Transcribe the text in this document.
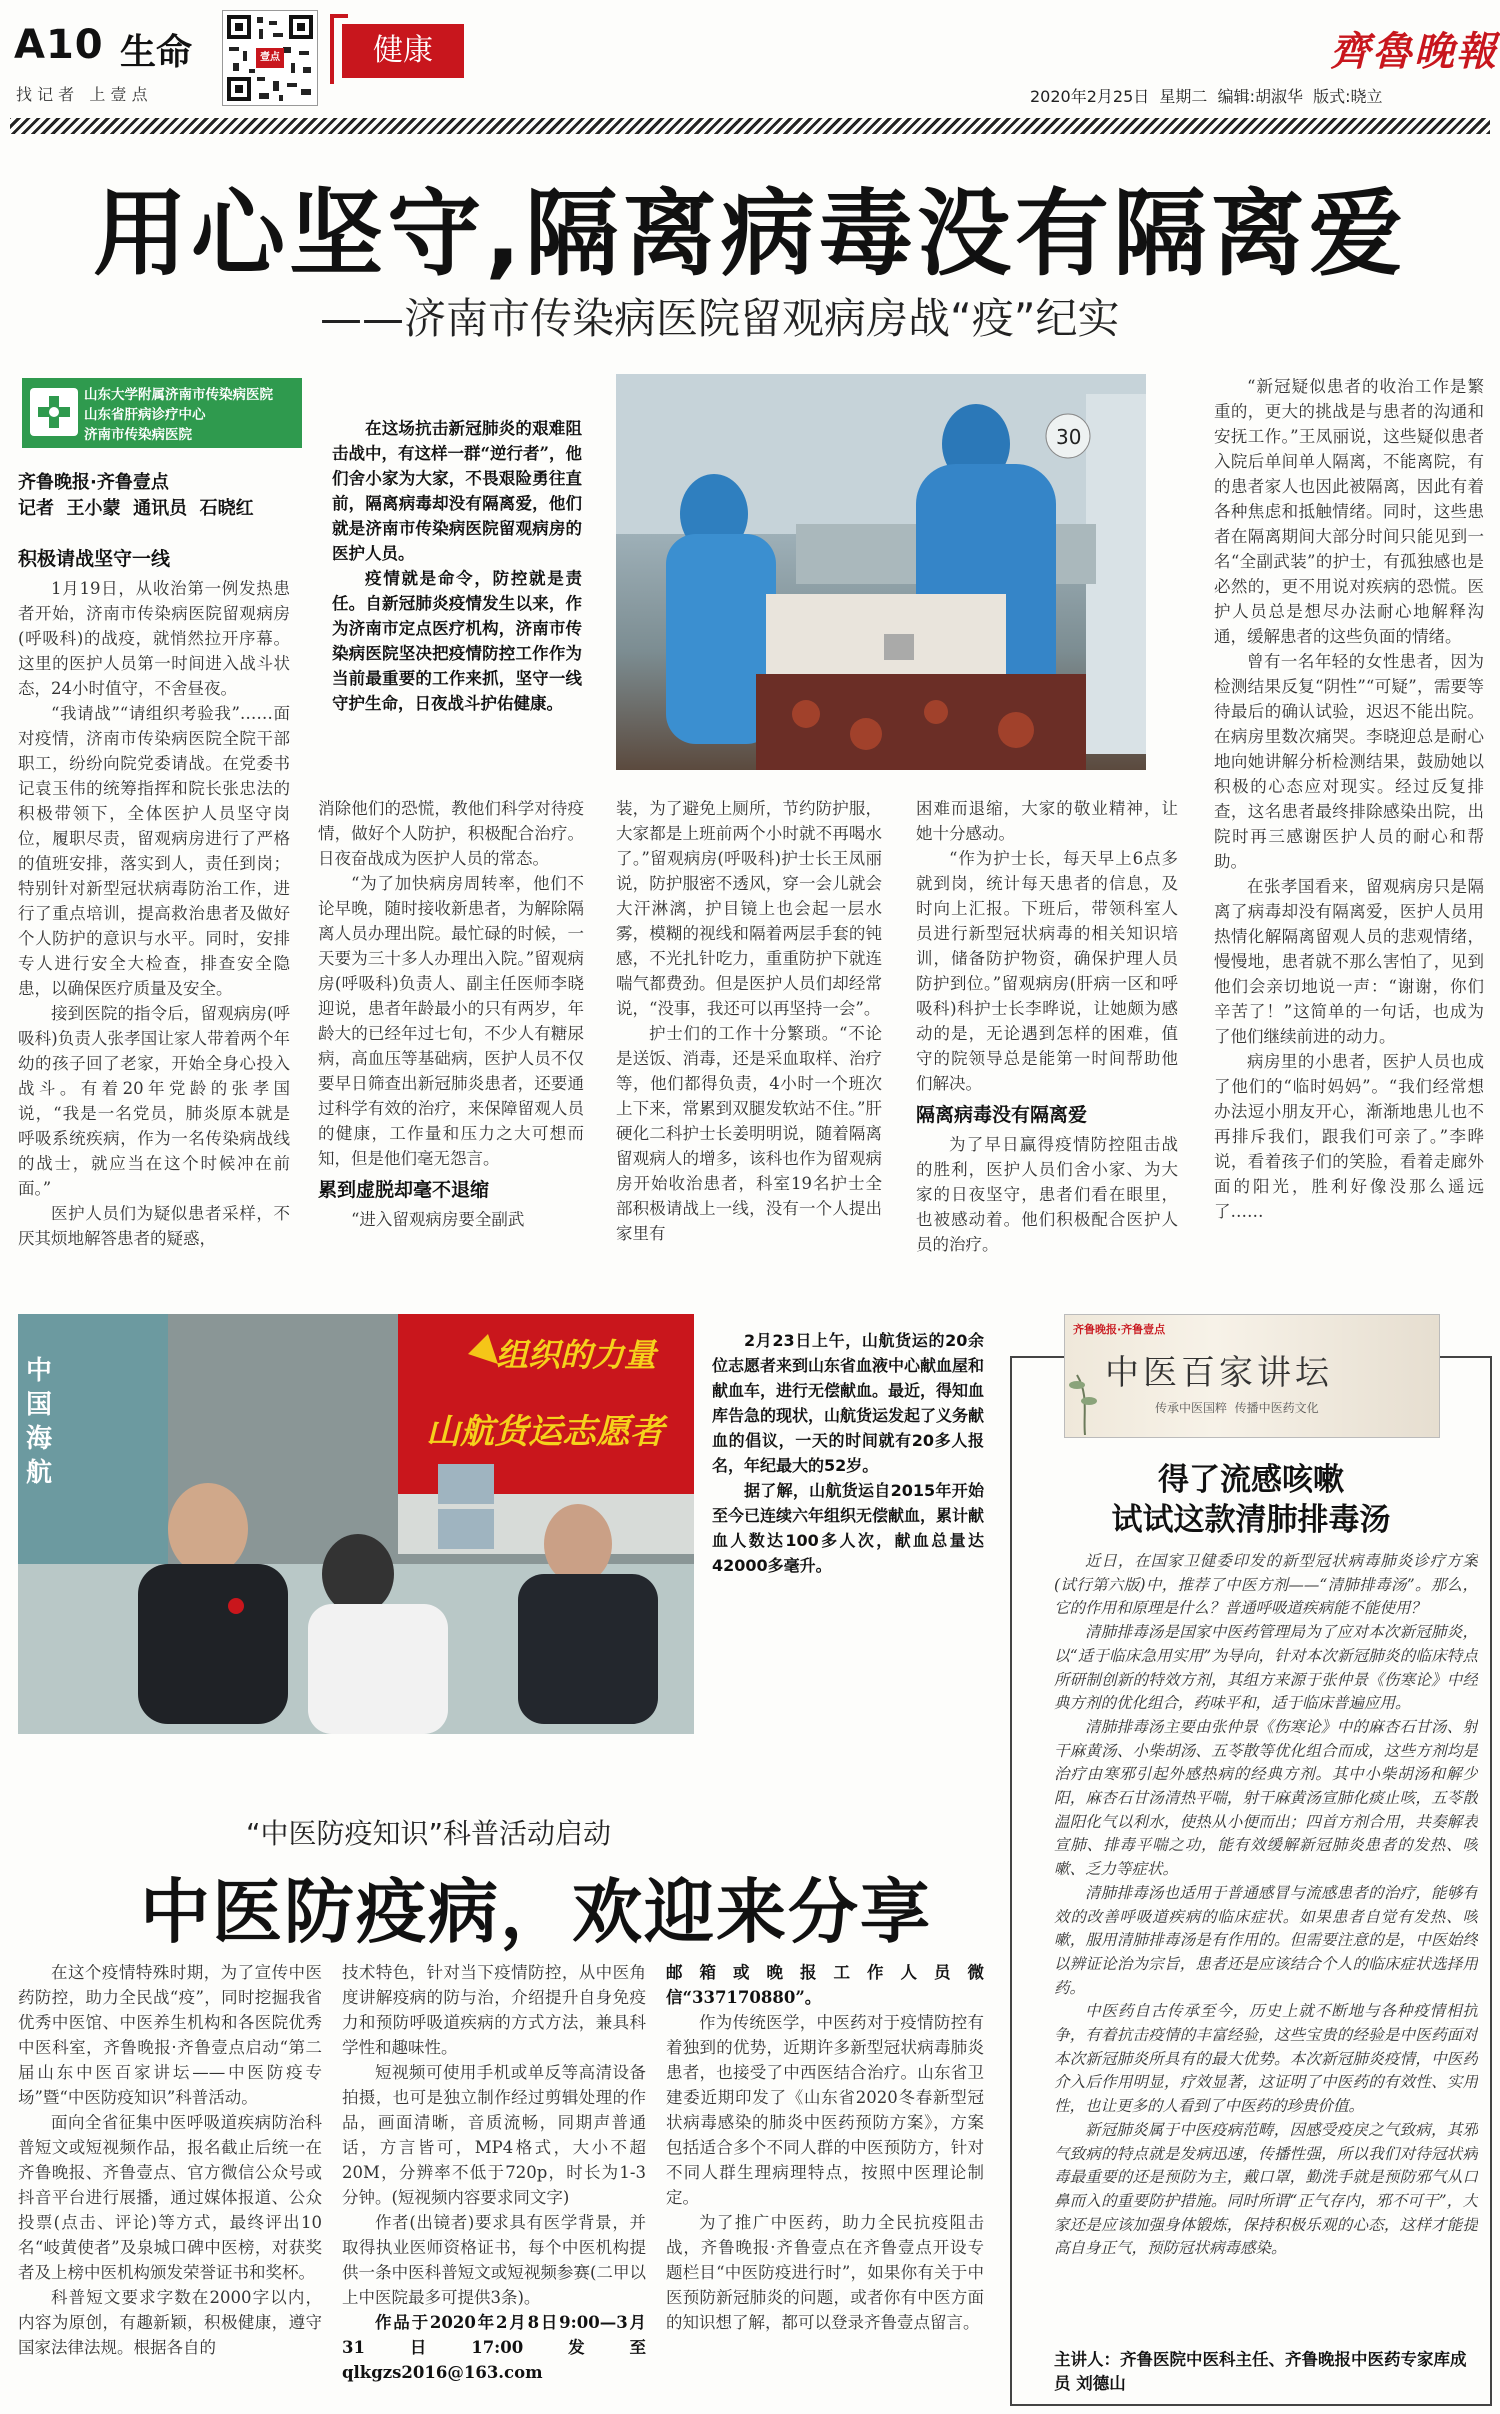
A10 生命
找 记 者   上 壹 点
壹点	健康	齊魯晚報
2020年2月25日  星期二  编辑:胡淑华  版式:晓立
用心坚守,隔离病毒没有隔离爱
——济南市传染病医院留观病房战“疫”纪实
山东大学附属济南市传染病医院
山东省肝病诊疗中心
济南市传染病医院
齐鲁晚报·齐鲁壹点
记者  王小蒙  通讯员  石晓红
积极请战坚守一线

1月19日，从收治第一例发热患者开始，济南市传染病医院留观病房(呼吸科)的战疫，就悄然拉开序幕。这里的医护人员第一时间进入战斗状态，24小时值守，不舍昼夜。

“我请战”“请组织考验我”……面对疫情，济南市传染病医院全院干部职工，纷纷向院党委请战。在党委书记袁玉伟的统筹指挥和院长张忠法的积极带领下，全体医护人员坚守岗位，履职尽责，留观病房进行了严格的值班安排，落实到人，责任到岗；特别针对新型冠状病毒防治工作，进行了重点培训，提高救治患者及做好个人防护的意识与水平。同时，安排专人进行安全大检查，排查安全隐患，以确保医疗质量及安全。

接到医院的指令后，留观病房(呼吸科)负责人张孝国让家人带着两个年幼的孩子回了老家，开始全身心投入战斗。有着20年党龄的张孝国说，“我是一名党员，肺炎原本就是呼吸系统疾病，作为一名传染病战线的战士，就应当在这个时候冲在前面。”

医护人员们为疑似患者采样，不厌其烦地解答患者的疑惑，

在这场抗击新冠肺炎的艰难阻击战中，有这样一群“逆行者”，他们舍小家为大家，不畏艰险勇往直前，隔离病毒却没有隔离爱，他们就是济南市传染病医院留观病房的医护人员。

疫情就是命令，防控就是责任。自新冠肺炎疫情发生以来，作为济南市定点医疗机构，济南市传染病医院坚决把疫情防控工作作为当前最重要的工作来抓，坚守一线守护生命，日夜战斗护佑健康。

消除他们的恐慌，教他们科学对待疫情，做好个人防护，积极配合治疗。日夜奋战成为医护人员的常态。

“为了加快病房周转率，他们不论早晚，随时接收新患者，为解除隔离人员办理出院。最忙碌的时候，一天要为三十多人办理出入院。”留观病房(呼吸科)负责人、副主任医师李晓迎说，患者年龄最小的只有两岁，年龄大的已经年过七旬，不少人有糖尿病，高血压等基础病，医护人员不仅要早日筛查出新冠肺炎患者，还要通过科学有效的治疗，来保障留观人员的健康，工作量和压力之大可想而知，但是他们毫无怨言。

累到虚脱却毫不退缩

“进入留观病房要全副武

30

装，为了避免上厕所，节约防护服，大家都是上班前两个小时就不再喝水了。”留观病房(呼吸科)护士长王凤丽说，防护服密不透风，穿一会儿就会大汗淋漓，护目镜上也会起一层水雾，模糊的视线和隔着两层手套的钝感，不光扎针吃力，重重防护下就连喘气都费劲。但是医护人员们却经常说，“没事，我还可以再坚持一会”。

护士们的工作十分繁琐。“不论是送饭、消毒，还是采血取样、治疗等，他们都得负责，4小时一个班次上下来，常累到双腿发软站不住。”肝硬化二科护士长姜明明说，随着隔离留观病人的增多，该科也作为留观病房开始收治患者，科室19名护士全部积极请战上一线，没有一个人提出家里有

困难而退缩，大家的敬业精神，让她十分感动。

“作为护士长，每天早上6点多就到岗，统计每天患者的信息，及时向上汇报。下班后，带领科室人员进行新型冠状病毒的相关知识培训，储备防护物资，确保护理人员防护到位。”留观病房(肝病一区和呼吸科)科护士长李晔说，让她颇为感动的是，无论遇到怎样的困难，值守的院领导总是能第一时间帮助他们解决。

隔离病毒没有隔离爱

为了早日赢得疫情防控阻击战的胜利，医护人员们舍小家、为大家的日夜坚守，患者们看在眼里，也被感动着。他们积极配合医护人员的治疗。

“新冠疑似患者的收治工作是繁重的，更大的挑战是与患者的沟通和安抚工作。”王凤丽说，这些疑似患者入院后单间单人隔离，不能离院，有的患者家人也因此被隔离，因此有着各种焦虑和抵触情绪。同时，这些患者在隔离期间大部分时间只能见到一名“全副武装”的护士，有孤独感也是必然的，更不用说对疾病的恐慌。医护人员总是想尽办法耐心地解释沟通，缓解患者的这些负面的情绪。

曾有一名年轻的女性患者，因为检测结果反复“阴性”“可疑”，需要等待最后的确认试验，迟迟不能出院。在病房里数次痛哭。李晓迎总是耐心地向她讲解分析检测结果，鼓励她以积极的心态应对现实。经过反复排查，这名患者最终排除感染出院，出院时再三感谢医护人员的耐心和帮助。

在张孝国看来，留观病房只是隔离了病毒却没有隔离爱，医护人员用热情化解隔离留观人员的悲观情绪，慢慢地，患者就不那么害怕了，见到他们会亲切地说一声：“谢谢，你们辛苦了！”这简单的一句话，也成为了他们继续前进的动力。

病房里的小患者，医护人员也成了他们的“临时妈妈”。“我们经常想办法逗小朋友开心，渐渐地患儿也不再排斥我们，跟我们可亲了。”李晔说，看着孩子们的笑脸，看着走廊外面的阳光，胜利好像没那么遥远了……

组织的力量
山航货运志愿者
中国海航

2月23日上午，山航货运的20余位志愿者来到山东省血液中心献血屋和献血车，进行无偿献血。最近，得知血库告急的现状，山航货运发起了义务献血的倡议，一天的时间就有20多人报名，年纪最大的52岁。

据了解，山航货运自2015年开始至今已连续六年组织无偿献血，累计献血人数达100多人次，献血总量达42000多毫升。

齐鲁晚报·齐鲁壹点
中医百家讲坛
传承中医国粹  传播中医药文化
得了流感咳嗽
试试这款清肺排毒汤

近日，在国家卫健委印发的新型冠状病毒肺炎诊疗方案(试行第六版)中，推荐了中医方剂——“清肺排毒汤”。那么，它的作用和原理是什么？普通呼吸道疾病能不能使用？

清肺排毒汤是国家中医药管理局为了应对本次新冠肺炎，以“适于临床急用实用”为导向，针对本次新冠肺炎的临床特点所研制创新的特效方剂，其组方来源于张仲景《伤寒论》中经典方剂的优化组合，药味平和，适于临床普遍应用。

清肺排毒汤主要由张仲景《伤寒论》中的麻杏石甘汤、射干麻黄汤、小柴胡汤、五苓散等优化组合而成，这些方剂均是治疗由寒邪引起外感热病的经典方剂。其中小柴胡汤和解少阳，麻杏石甘汤清热平喘，射干麻黄汤宣肺化痰止咳，五苓散温阳化气以利水，使热从小便而出；四首方剂合用，共奏解表宣肺、排毒平喘之功，能有效缓解新冠肺炎患者的发热、咳嗽、乏力等症状。

清肺排毒汤也适用于普通感冒与流感患者的治疗，能够有效的改善呼吸道疾病的临床症状。如果患者自觉有发热、咳嗽，服用清肺排毒汤是有作用的。但需要注意的是，中医始终以辨证论治为宗旨，患者还是应该结合个人的临床症状选择用药。

中医药自古传承至今，历史上就不断地与各种疫情相抗争，有着抗击疫情的丰富经验，这些宝贵的经验是中医药面对本次新冠肺炎所具有的最大优势。本次新冠肺炎疫情，中医药介入后作用明显，疗效显著，这证明了中医药的有效性、实用性，也让更多的人看到了中医药的珍贵价值。

新冠肺炎属于中医疫病范畴，因感受疫戾之气致病，其邪气致病的特点就是发病迅速，传播性强，所以我们对待冠状病毒最重要的还是预防为主，戴口罩，勤洗手就是预防邪气从口鼻而入的重要防护措施。同时所谓“正气存内，邪不可干”，大家还是应该加强身体锻炼，保持积极乐观的心态，这样才能提高自身正气，预防冠状病毒感染。

主讲人：齐鲁医院中医科主任、齐鲁晚报中医药专家库成员 刘德山
“中医防疫知识”科普活动启动
中医防疫病，欢迎来分享

在这个疫情特殊时期，为了宣传中医药防控，助力全民战“疫”，同时挖掘我省优秀中医馆、中医养生机构和各医院优秀中医科室，齐鲁晚报·齐鲁壹点启动“第二届山东中医百家讲坛——中医防疫专场”暨“中医防疫知识”科普活动。

面向全省征集中医呼吸道疾病防治科普短文或短视频作品，报名截止后统一在齐鲁晚报、齐鲁壹点、官方微信公众号或抖音平台进行展播，通过媒体报道、公众投票(点击、评论)等方式，最终评出10名“岐黄使者”及泉城口碑中医榜，对获奖者及上榜中医机构颁发荣誉证书和奖杯。

科普短文要求字数在2000字以内，内容为原创，有趣新颖，积极健康，遵守国家法律法规。根据各自的

技术特色，针对当下疫情防控，从中医角度讲解疫病的防与治，介绍提升自身免疫力和预防呼吸道疾病的方式方法，兼具科学性和趣味性。

短视频可使用手机或单反等高清设备拍摄，也可是独立制作经过剪辑处理的作品，画面清晰，音质流畅，同期声普通话，方言皆可，MP4格式，大小不超20M，分辨率不低于720p，时长为1-3分钟。(短视频内容要求同文字)

作者(出镜者)要求具有医学背景，并取得执业医师资格证书，每个中医机构提供一条中医科普短文或短视频参赛(二甲以上中医院最多可提供3条)。

作品于2020年2月8日9:00—3月31日17:00发至qlkgzs2016@163.com

邮箱或晚报工作人员微信“337170880”。

作为传统医学，中医药对于疫情防控有着独到的优势，近期许多新型冠状病毒肺炎患者，也接受了中西医结合治疗。山东省卫建委近期印发了《山东省2020冬春新型冠状病毒感染的肺炎中医药预防方案》，方案包括适合多个不同人群的中医预防方，针对不同人群生理病理特点，按照中医理论制定。

为了推广中医药，助力全民抗疫阻击战，齐鲁晚报·齐鲁壹点在齐鲁壹点开设专题栏目“中医防疫进行时”，如果你有关于中医预防新冠肺炎的问题，或者你有中医方面的知识想了解，都可以登录齐鲁壹点留言。
